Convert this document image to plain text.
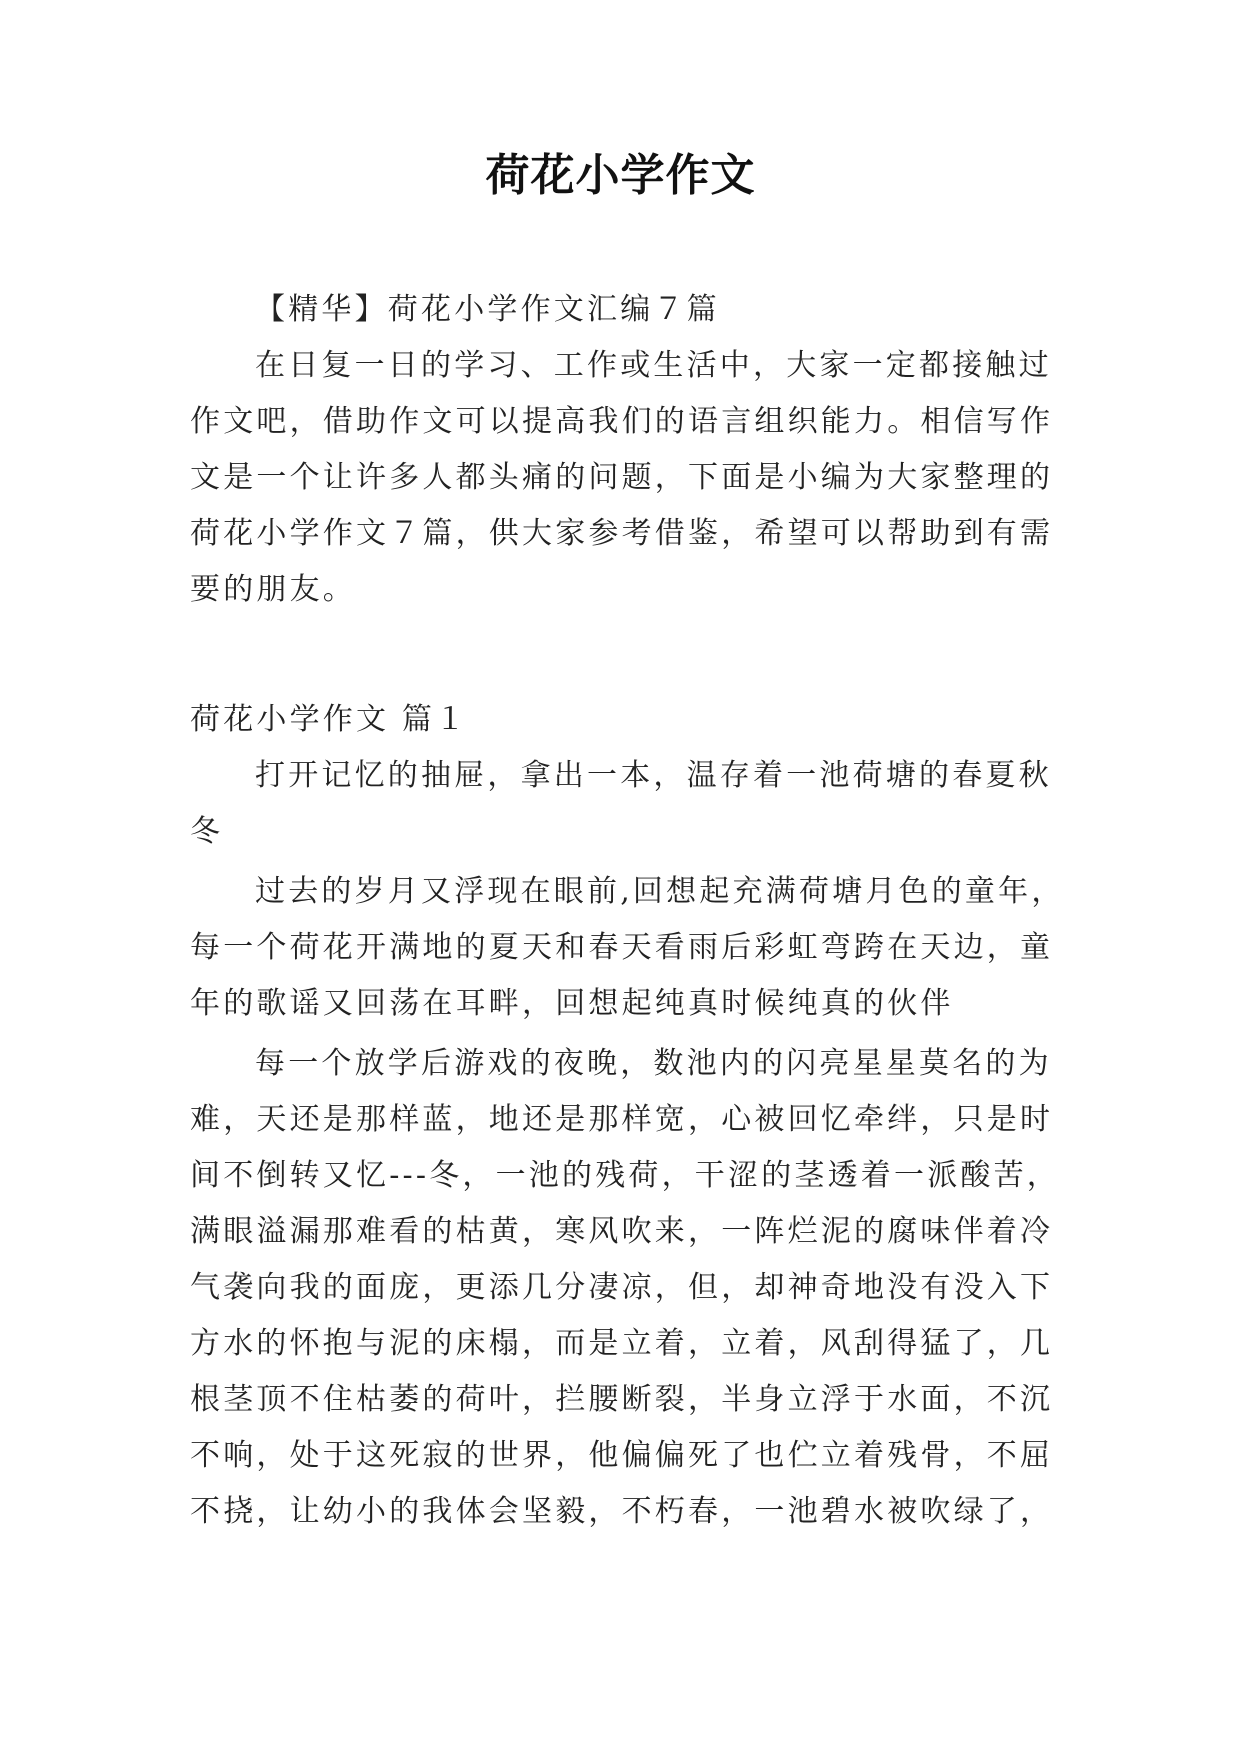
荷花小学作文
【精华】荷花小学作文汇编７篇
在日复一日的学习、工作或生活中，大家一定都接触过
作文吧，借助作文可以提高我们的语言组织能力。相信写作
文是一个让许多人都头痛的问题，下面是小编为大家整理的
荷花小学作文７篇，供大家参考借鉴，希望可以帮助到有需
要的朋友。
荷花小学作文 篇１
打开记忆的抽屉，拿出一本，温存着一池荷塘的春夏秋
冬
过去的岁月又浮现在眼前,回想起充满荷塘月色的童年，
每一个荷花开满地的夏天和春天看雨后彩虹弯跨在天边，童
年的歌谣又回荡在耳畔，回想起纯真时候纯真的伙伴
每一个放学后游戏的夜晚，数池内的闪亮星星莫名的为
难，天还是那样蓝，地还是那样宽，心被回忆牵绊，只是时
间不倒转又忆---冬，一池的残荷，干涩的茎透着一派酸苦，
满眼溢漏那难看的枯黄，寒风吹来，一阵烂泥的腐味伴着冷
气袭向我的面庞，更添几分凄凉，但，却神奇地没有没入下
方水的怀抱与泥的床榻，而是立着，立着，风刮得猛了，几
根茎顶不住枯萎的荷叶，拦腰断裂，半身立浮于水面，不沉
不响，处于这死寂的世界，他偏偏死了也伫立着残骨，不屈
不挠，让幼小的我体会坚毅，不朽春，一池碧水被吹绿了，
